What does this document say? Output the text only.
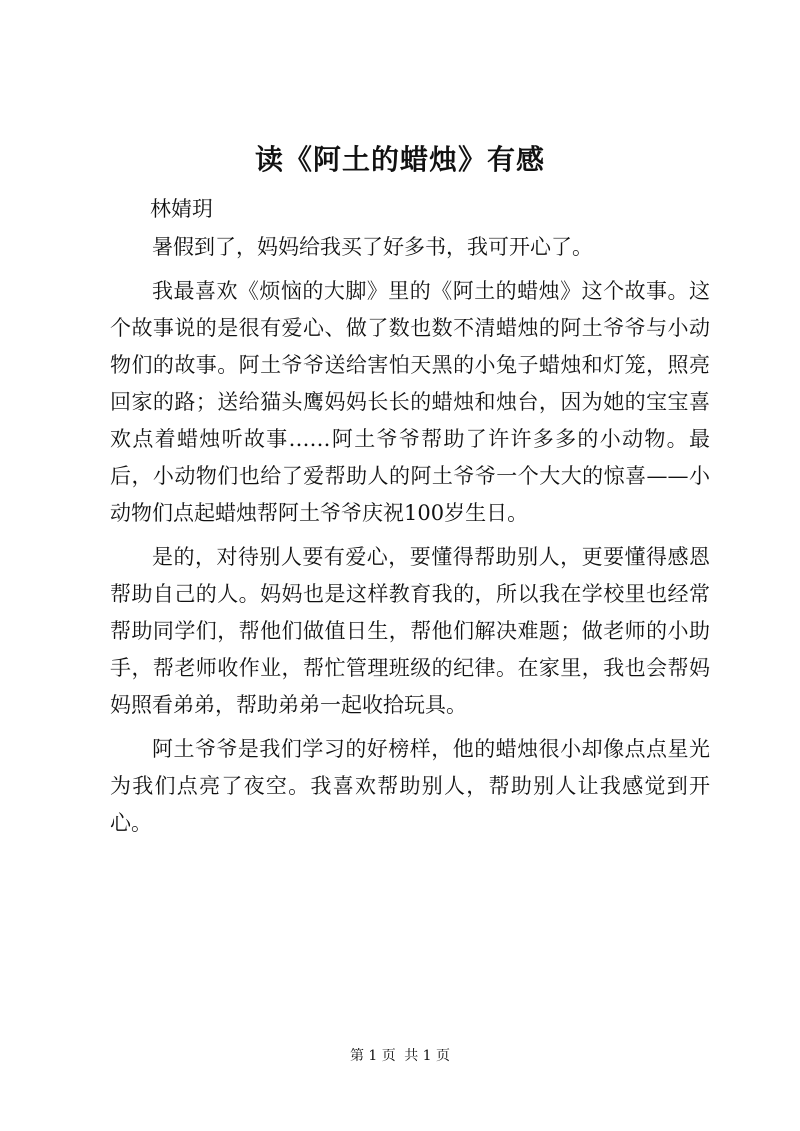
读《阿土的蜡烛》有感

林婧玥

暑假到了，妈妈给我买了好多书，我可开心了。

我最喜欢《烦恼的大脚》里的《阿土的蜡烛》这个故事。这个故事说的是很有爱心、做了数也数不清蜡烛的阿土爷爷与小动物们的故事。阿土爷爷送给害怕天黑的小兔子蜡烛和灯笼，照亮回家的路；送给猫头鹰妈妈长长的蜡烛和烛台，因为她的宝宝喜欢点着蜡烛听故事……阿土爷爷帮助了许许多多的小动物。最后，小动物们也给了爱帮助人的阿土爷爷一个大大的惊喜——小动物们点起蜡烛帮阿土爷爷庆祝100岁生日。

是的，对待别人要有爱心，要懂得帮助别人，更要懂得感恩帮助自己的人。妈妈也是这样教育我的，所以我在学校里也经常帮助同学们，帮他们做值日生，帮他们解决难题；做老师的小助手，帮老师收作业，帮忙管理班级的纪律。在家里，我也会帮妈妈照看弟弟，帮助弟弟一起收拾玩具。

阿土爷爷是我们学习的好榜样，他的蜡烛很小却像点点星光为我们点亮了夜空。我喜欢帮助别人，帮助别人让我感觉到开心。

第 1 页 共 1 页
